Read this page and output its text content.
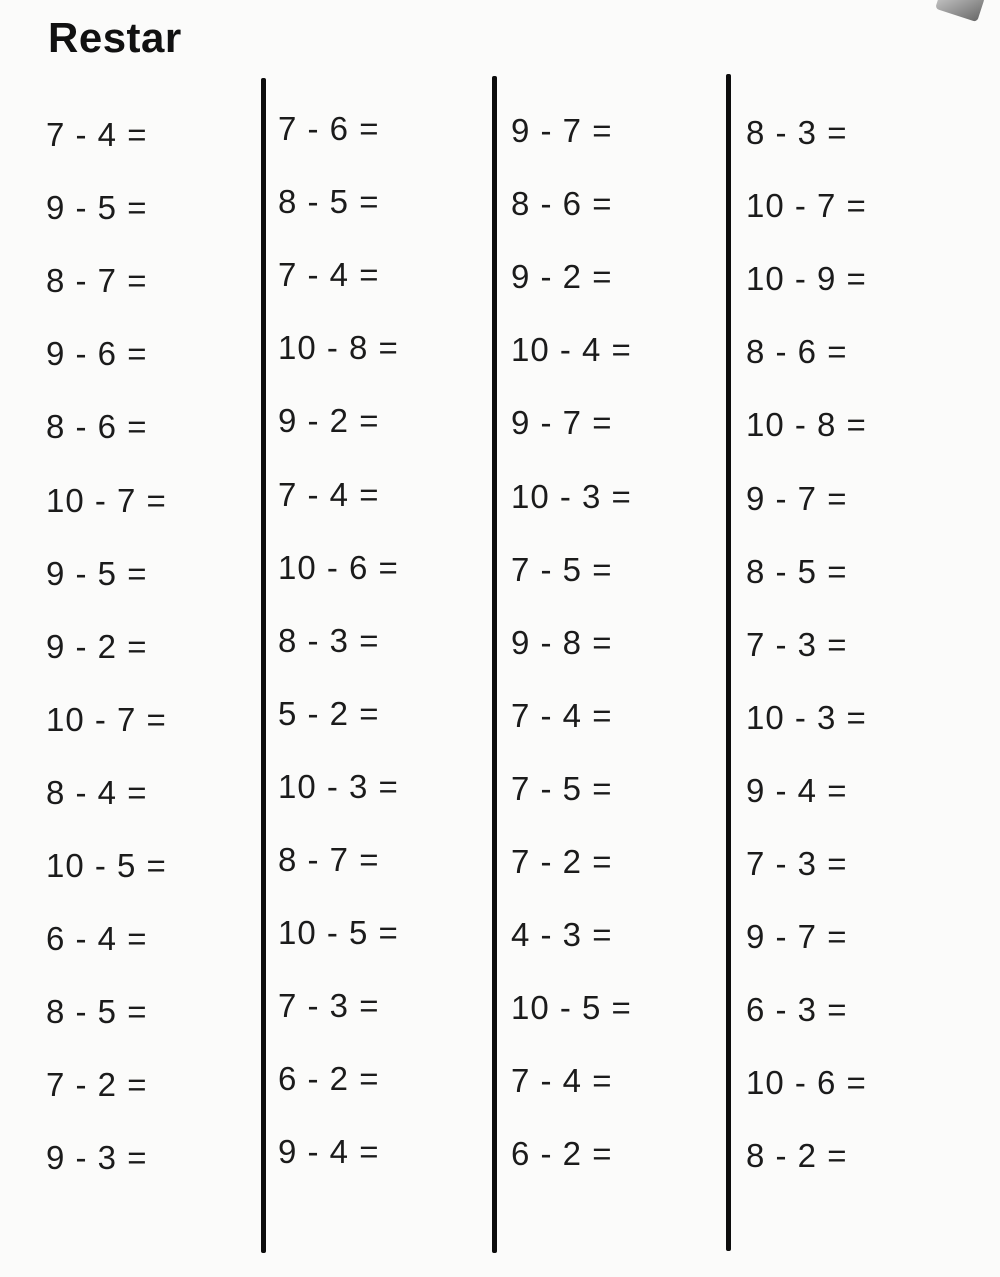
Restar
7 - 4 =
9 - 5 =
8 - 7 =
9 - 6 =
8 - 6 =
10 - 7 =
9 - 5 =
9 - 2 =
10 - 7 =
8 - 4 =
10 - 5 =
6 - 4 =
8 - 5 =
7 - 2 =
9 - 3 =
7 - 6 =
8 - 5 =
7 - 4 =
10 - 8 =
9 - 2 =
7 - 4 =
10 - 6 =
8 - 3 =
5 - 2 =
10 - 3 =
8 - 7 =
10 - 5 =
7 - 3 =
6 - 2 =
9 - 4 =
9 - 7 =
8 - 6 =
9 - 2 =
10 - 4 =
9 - 7 =
10 - 3 =
7 - 5 =
9 - 8 =
7 - 4 =
7 - 5 =
7 - 2 =
4 - 3 =
10 - 5 =
7 - 4 =
6 - 2 =
8 - 3 =
10 - 7 =
10 - 9 =
8 - 6 =
10 - 8 =
9 - 7 =
8 - 5 =
7 - 3 =
10 - 3 =
9 - 4 =
7 - 3 =
9 - 7 =
6 - 3 =
10 - 6 =
8 - 2 =
